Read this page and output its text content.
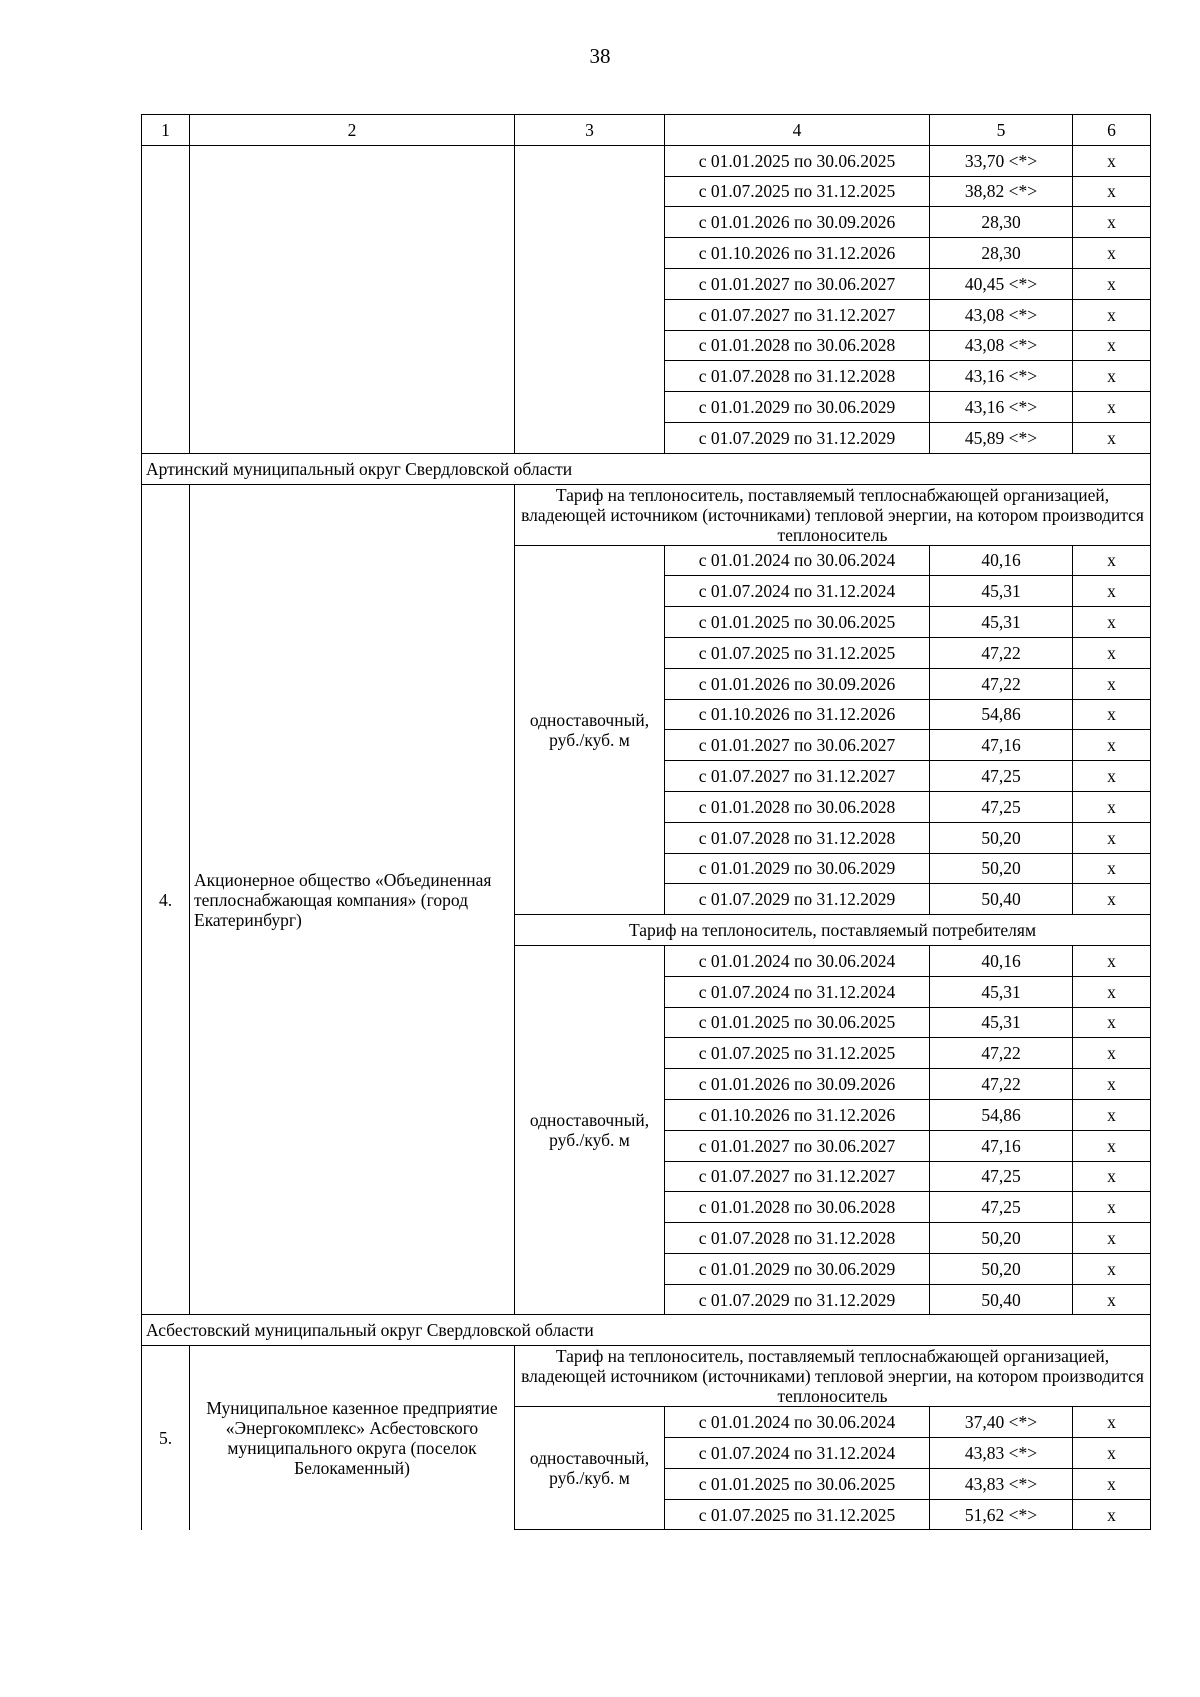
38
1	2	3	4	5	6
			с 01.01.2025 по 30.06.2025	33,70 <*>	х
			с 01.07.2025 по 31.12.2025	38,82 <*>	х
			с 01.01.2026 по 30.09.2026	28,30	х
			с 01.10.2026 по 31.12.2026	28,30	х
			с 01.01.2027 по 30.06.2027	40,45 <*>	х
			с 01.07.2027 по 31.12.2027	43,08 <*>	х
			с 01.01.2028 по 30.06.2028	43,08 <*>	х
			с 01.07.2028 по 31.12.2028	43,16 <*>	х
			с 01.01.2029 по 30.06.2029	43,16 <*>	х
			с 01.07.2029 по 31.12.2029	45,89 <*>	х
Артинский муниципальный округ Свердловской области					
4.	Акционерное общество «Объединенная теплоснабжающая компания» (город Екатеринбург)	Тариф на теплоноситель, поставляемый теплоснабжающей организацией, владеющей источником (источниками) тепловой энергии, на котором производится теплоноситель			
		одноставочный, руб./куб. м	с 01.01.2024 по 30.06.2024	40,16	х
			с 01.07.2024 по 31.12.2024	45,31	х
			с 01.01.2025 по 30.06.2025	45,31	х
			с 01.07.2025 по 31.12.2025	47,22	х
			с 01.01.2026 по 30.09.2026	47,22	х
			с 01.10.2026 по 31.12.2026	54,86	х
			с 01.01.2027 по 30.06.2027	47,16	х
			с 01.07.2027 по 31.12.2027	47,25	х
			с 01.01.2028 по 30.06.2028	47,25	х
			с 01.07.2028 по 31.12.2028	50,20	х
			с 01.01.2029 по 30.06.2029	50,20	х
			с 01.07.2029 по 31.12.2029	50,40	х
		Тариф на теплоноситель, поставляемый потребителям			
		одноставочный, руб./куб. м	с 01.01.2024 по 30.06.2024	40,16	х
			с 01.07.2024 по 31.12.2024	45,31	х
			с 01.01.2025 по 30.06.2025	45,31	х
			с 01.07.2025 по 31.12.2025	47,22	х
			с 01.01.2026 по 30.09.2026	47,22	х
			с 01.10.2026 по 31.12.2026	54,86	х
			с 01.01.2027 по 30.06.2027	47,16	х
			с 01.07.2027 по 31.12.2027	47,25	х
			с 01.01.2028 по 30.06.2028	47,25	х
			с 01.07.2028 по 31.12.2028	50,20	х
			с 01.01.2029 по 30.06.2029	50,20	х
			с 01.07.2029 по 31.12.2029	50,40	х
Асбестовский муниципальный округ Свердловской области					
5.	Муниципальное казенное предприятие «Энергокомплекс» Асбестовского муниципального округа (поселок Белокаменный)	Тариф на теплоноситель, поставляемый теплоснабжающей организацией, владеющей источником (источниками) тепловой энергии, на котором производится теплоноситель			
		одноставочный, руб./куб. м	с 01.01.2024 по 30.06.2024	37,40 <*>	х
			с 01.07.2024 по 31.12.2024	43,83 <*>	х
			с 01.01.2025 по 30.06.2025	43,83 <*>	х
			с 01.07.2025 по 31.12.2025	51,62 <*>	х
